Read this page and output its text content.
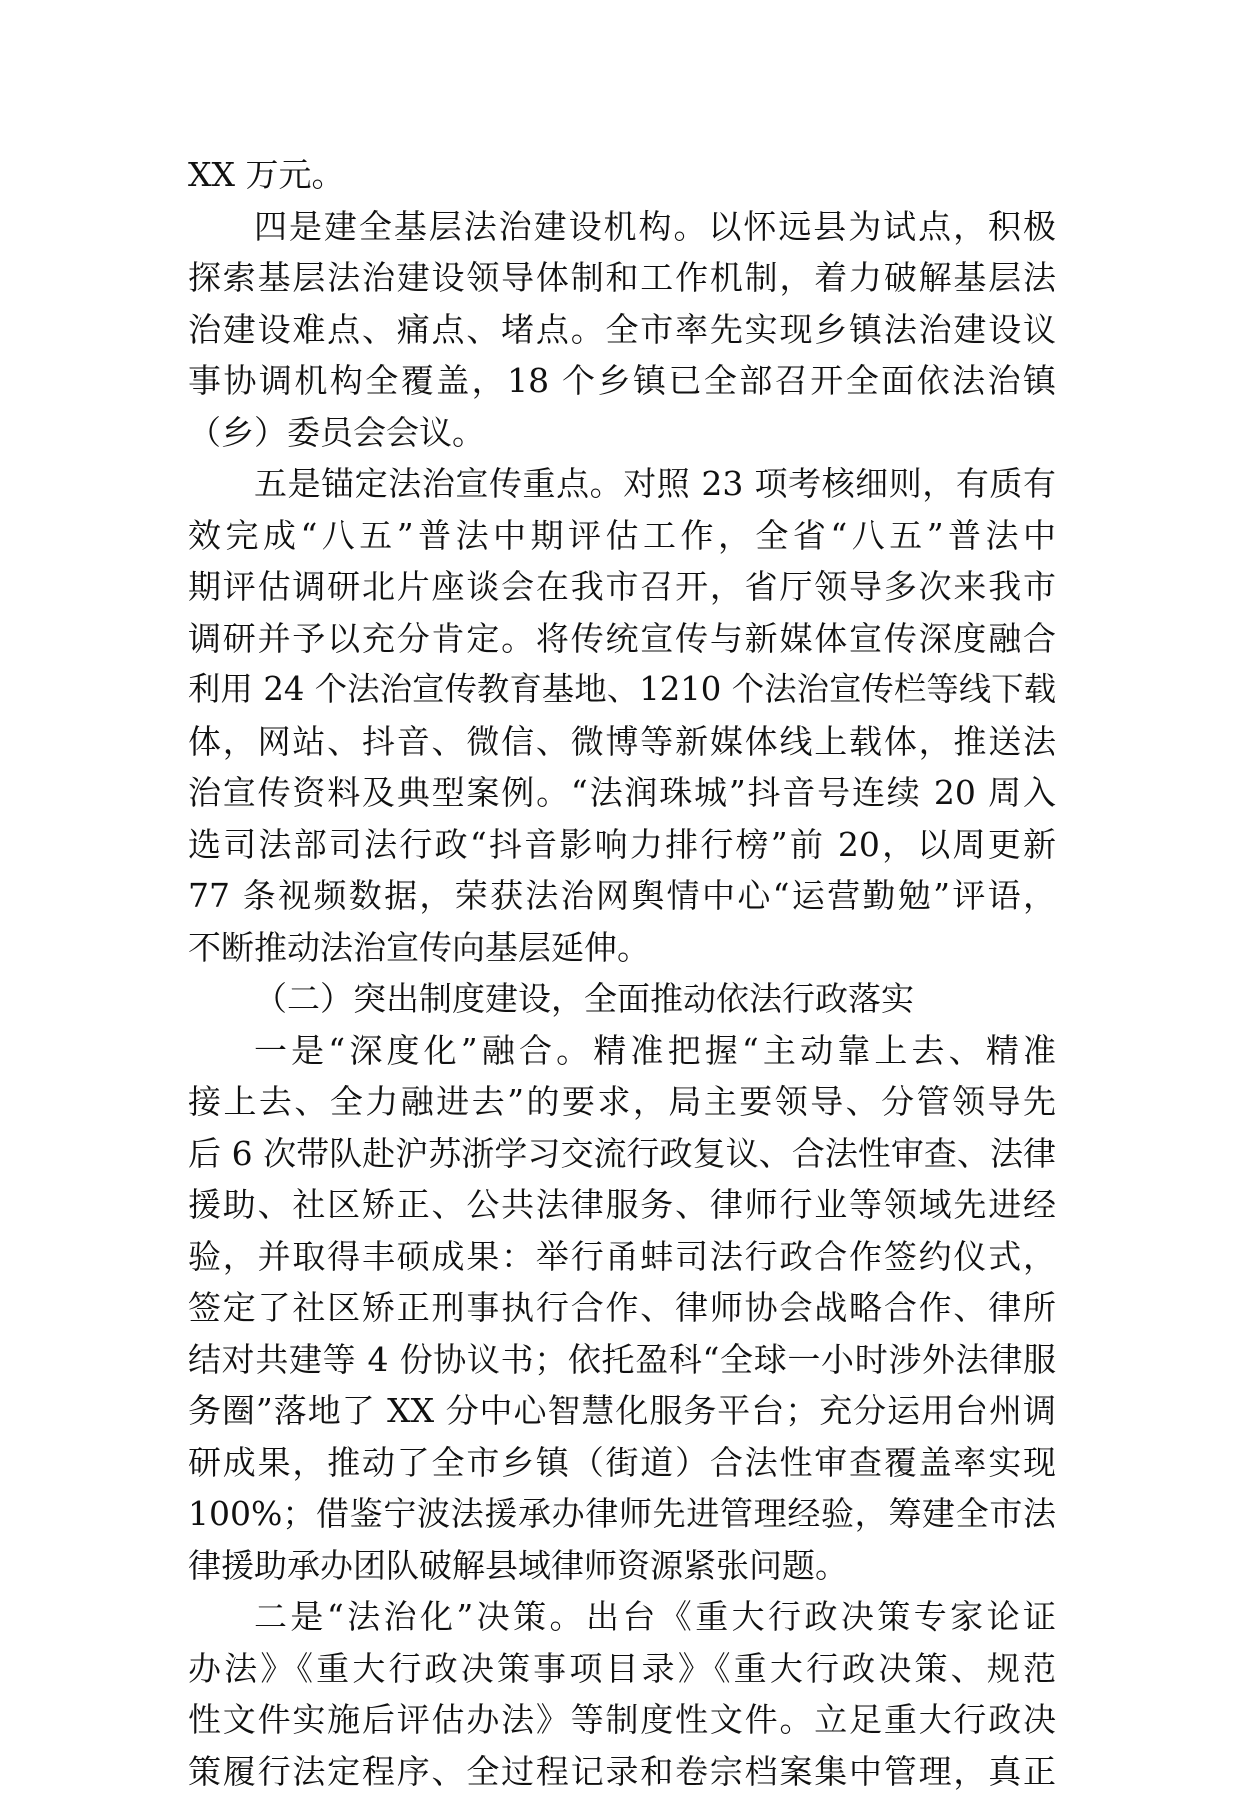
XX 万元。
四是建全基层法治建设机构。以怀远县为试点，积极
探索基层法治建设领导体制和工作机制，着力破解基层法
治建设难点、痛点、堵点。全市率先实现乡镇法治建设议
事协调机构全覆盖，18 个乡镇已全部召开全面依法治镇
（乡）委员会会议。
五是锚定法治宣传重点。对照 23 项考核细则，有质有
效完成“八五”普法中期评估工作，全省“八五”普法中
期评估调研北片座谈会在我市召开，省厅领导多次来我市
调研并予以充分肯定。将传统宣传与新媒体宣传深度融合
利用 24 个法治宣传教育基地、1210 个法治宣传栏等线下载
体，网站、抖音、微信、微博等新媒体线上载体，推送法
治宣传资料及典型案例。“法润珠城”抖音号连续 20 周入
选司法部司法行政“抖音影响力排行榜”前 20，以周更新
77 条视频数据，荣获法治网舆情中心“运营勤勉”评语，
不断推动法治宣传向基层延伸。
（二）突出制度建设，全面推动依法行政落实
一是“深度化”融合。精准把握“主动靠上去、精准
接上去、全力融进去”的要求，局主要领导、分管领导先
后 6 次带队赴沪苏浙学习交流行政复议、合法性审查、法律
援助、社区矫正、公共法律服务、律师行业等领域先进经
验，并取得丰硕成果：举行甬蚌司法行政合作签约仪式，
签定了社区矫正刑事执行合作、律师协会战略合作、律所
结对共建等 4 份协议书；依托盈科“全球一小时涉外法律服
务圈”落地了 XX 分中心智慧化服务平台；充分运用台州调
研成果，推动了全市乡镇（街道）合法性审查覆盖率实现
100%；借鉴宁波法援承办律师先进管理经验，筹建全市法
律援助承办团队破解县域律师资源紧张问题。
二是“法治化”决策。出台《重大行政决策专家论证
办法》《重大行政决策事项目录》《重大行政决策、规范
性文件实施后评估办法》等制度性文件。立足重大行政决
策履行法定程序、全过程记录和卷宗档案集中管理，真正
